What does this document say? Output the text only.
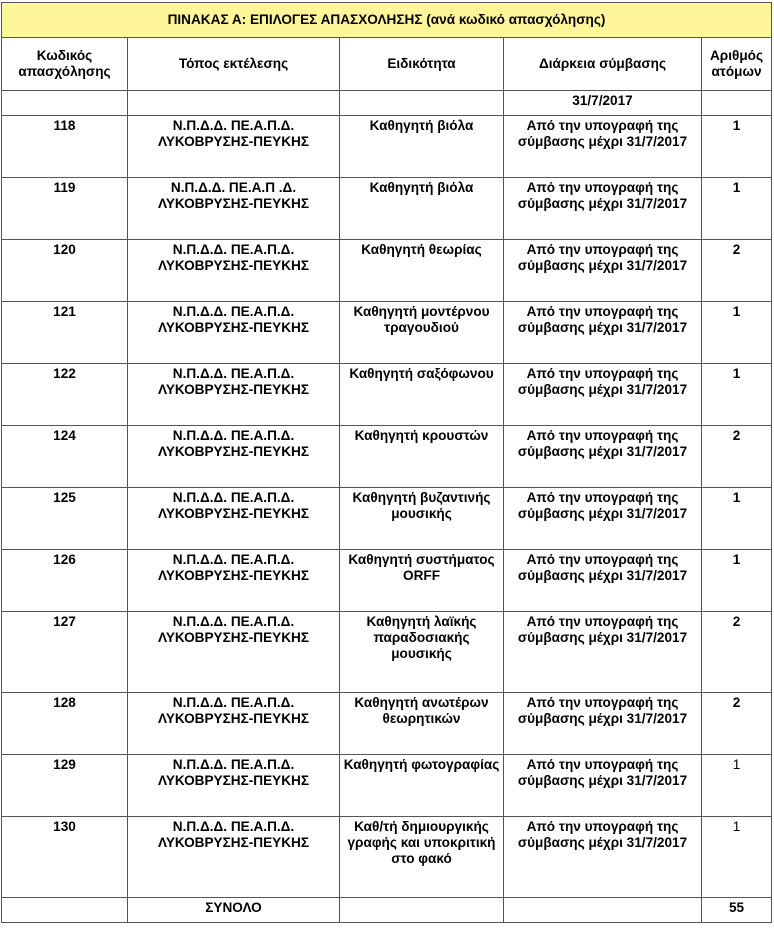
ΠΙΝΑΚΑΣ Α: ΕΠΙΛΟΓΕΣ ΑΠΑΣΧΟΛΗΣΗΣ (ανά κωδικό απασχόλησης)				
Κωδικός απασχόλησης	Τόπος εκτέλεσης	Ειδικότητα	Διάρκεια σύμβασης	Αριθμός ατόμων
			31/7/2017	
118	Ν.Π.Δ.Δ. ΠΕ.Α.Π.Δ. ΛΥΚΟΒΡΥΣΗΣ-ΠΕΥΚΗΣ	Καθηγητή βιόλα	Από την υπογραφή της σύμβασης μέχρι 31/7/2017	1
119	Ν.Π.Δ.Δ. ΠΕ.Α.Π .Δ. ΛΥΚΟΒΡΥΣΗΣ-ΠΕΥΚΗΣ	Καθηγητή βιόλα	Από την υπογραφή της σύμβασης μέχρι 31/7/2017	1
120	Ν.Π.Δ.Δ. ΠΕ.Α.Π.Δ. ΛΥΚΟΒΡΥΣΗΣ-ΠΕΥΚΗΣ	Καθηγητή θεωρίας	Από την υπογραφή της σύμβασης μέχρι 31/7/2017	2
121	Ν.Π.Δ.Δ. ΠΕ.Α.Π.Δ. ΛΥΚΟΒΡΥΣΗΣ-ΠΕΥΚΗΣ	Καθηγητή μοντέρνου τραγουδιού	Από την υπογραφή της σύμβασης μέχρι 31/7/2017	1
122	Ν.Π.Δ.Δ. ΠΕ.Α.Π.Δ. ΛΥΚΟΒΡΥΣΗΣ-ΠΕΥΚΗΣ	Καθηγητή σαξόφωνου	Από την υπογραφή της σύμβασης μέχρι 31/7/2017	1
124	Ν.Π.Δ.Δ. ΠΕ.Α.Π.Δ. ΛΥΚΟΒΡΥΣΗΣ-ΠΕΥΚΗΣ	Καθηγητή κρουστών	Από την υπογραφή της σύμβασης μέχρι 31/7/2017	2
125	Ν.Π.Δ.Δ. ΠΕ.Α.Π.Δ. ΛΥΚΟΒΡΥΣΗΣ-ΠΕΥΚΗΣ	Καθηγητή βυζαντινής μουσικής	Από την υπογραφή της σύμβασης μέχρι 31/7/2017	1
126	Ν.Π.Δ.Δ. ΠΕ.Α.Π.Δ. ΛΥΚΟΒΡΥΣΗΣ-ΠΕΥΚΗΣ	Καθηγητή συστήματος ORFF	Από την υπογραφή της σύμβασης μέχρι 31/7/2017	1
127	Ν.Π.Δ.Δ. ΠΕ.Α.Π.Δ. ΛΥΚΟΒΡΥΣΗΣ-ΠΕΥΚΗΣ	Καθηγητή λαϊκής παραδοσιακής μουσικής	Από την υπογραφή της σύμβασης μέχρι 31/7/2017	2
128	Ν.Π.Δ.Δ. ΠΕ.Α.Π.Δ. ΛΥΚΟΒΡΥΣΗΣ-ΠΕΥΚΗΣ	Καθηγητή ανωτέρων θεωρητικών	Από την υπογραφή της σύμβασης μέχρι 31/7/2017	2
129	Ν.Π.Δ.Δ. ΠΕ.Α.Π.Δ. ΛΥΚΟΒΡΥΣΗΣ-ΠΕΥΚΗΣ	Καθηγητή φωτογραφίας	Από την υπογραφή της σύμβασης μέχρι 31/7/2017	1
130	Ν.Π.Δ.Δ. ΠΕ.Α.Π.Δ. ΛΥΚΟΒΡΥΣΗΣ-ΠΕΥΚΗΣ	Καθ/τή δημιουργικής γραφής και υποκριτική στο φακό	Από την υπογραφή της σύμβασης μέχρι 31/7/2017	1
	ΣΥΝΟΛΟ			55
